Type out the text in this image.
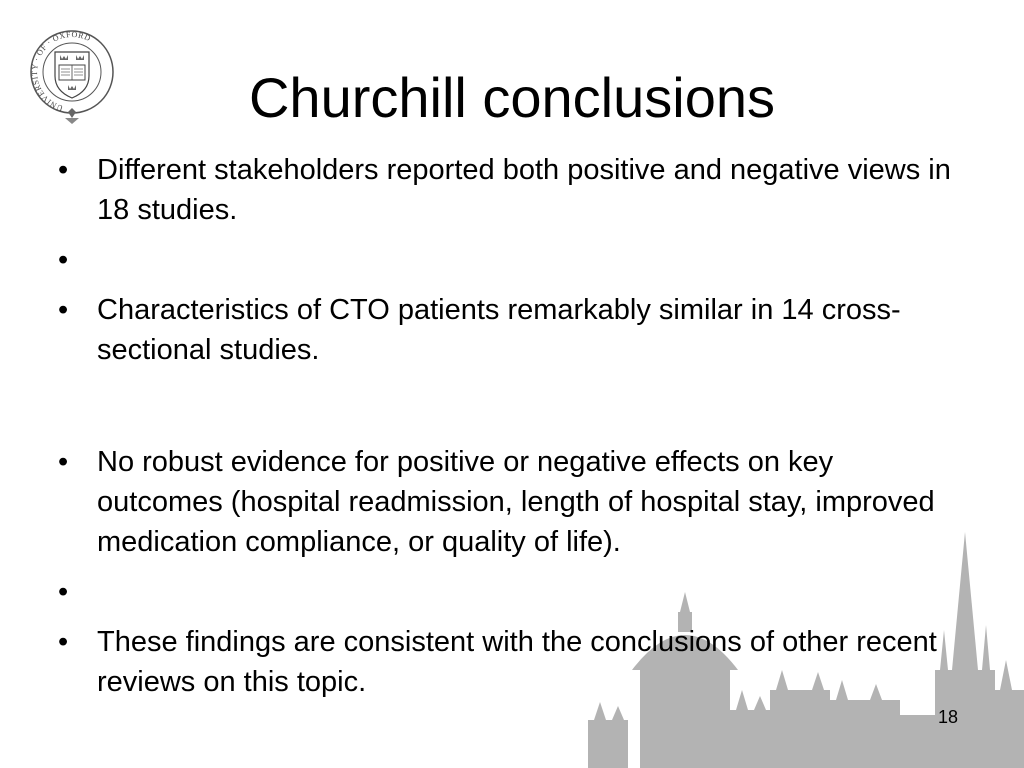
UNIVERSITY · OF · OXFORD
Churchill conclusions
• Different stakeholders reported both positive and negative views in 18 studies.
•

• Characteristics of CTO patients remarkably similar in 14 cross-sectional studies.
• No robust evidence for positive or negative effects on key outcomes (hospital readmission, length of hospital stay, improved medication compliance, or quality of life).
•

• These findings are consistent with the conclusions of other recent reviews on this topic.
18
